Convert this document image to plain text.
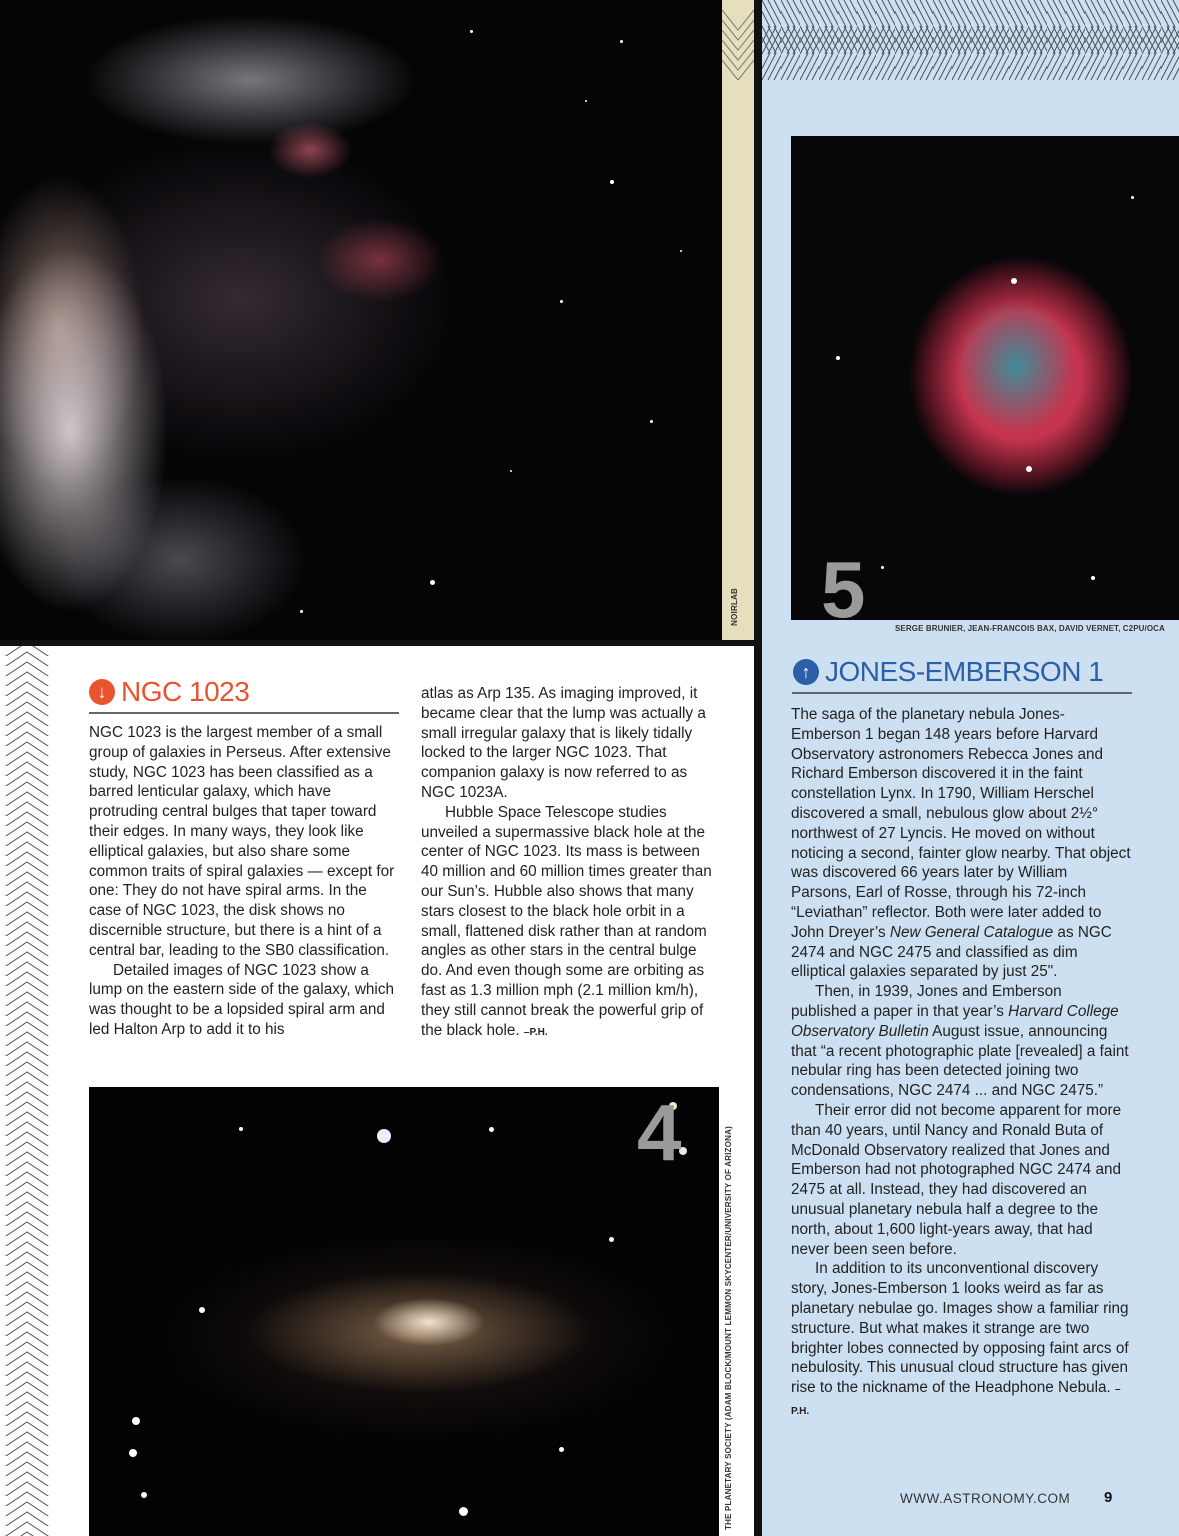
NOIRLAB 5	SERGE BRUNIER, JEAN-FRANCOIS BAX, DAVID VERNET, C2PU/OCA
↓ NGC 1023

NGC 1023 is the largest member of a small group of galaxies in Perseus. After extensive study, NGC 1023 has been classified as a barred lenticular galaxy, which have protruding central bulges that taper toward their edges. In many ways, they look like elliptical galaxies, but also share some common traits of spiral galaxies — except for one: They do not have spiral arms. In the case of NGC 1023, the disk shows no discernible structure, but there is a hint of a central bar, leading to the SB0 classification.

Detailed images of NGC 1023 show a lump on the eastern side of the galaxy, which was thought to be a lopsided spiral arm and led Halton Arp to add it to his

atlas as Arp 135. As imaging improved, it became clear that the lump was actually a small irregular galaxy that is likely tidally locked to the larger NGC 1023. That companion galaxy is now referred to as NGC 1023A.

Hubble Space Telescope studies unveiled a supermassive black hole at the center of NGC 1023. Its mass is between 40 million and 60 million times greater than our Sun’s. Hubble also shows that many stars closest to the black hole orbit in a small, flattened disk rather than at random angles as other stars in the central bulge do. And even though some are orbiting as fast as 1.3 million mph (2.1 million km/h), they still cannot break the powerful grip of the black hole. –P.H.

4	THE PLANETARY SOCIETY (ADAM BLOCK/MOUNT LEMMON SKYCENTER/UNIVERSITY OF ARIZONA)
↑ JONES-EMBERSON 1

The saga of the planetary nebula Jones-Emberson 1 began 148 years before Harvard Observatory astronomers Rebecca Jones and Richard Emberson discovered it in the faint constellation Lynx. In 1790, William Herschel discovered a small, nebulous glow about 2½° northwest of 27 Lyncis. He moved on without noticing a second, fainter glow nearby. That object was discovered 66 years later by William Parsons, Earl of Rosse, through his 72-inch “Leviathan” reflector. Both were later added to John Dreyer’s New General Catalogue as NGC 2474 and NGC 2475 and classified as dim elliptical galaxies separated by just 25".

Then, in 1939, Jones and Emberson published a paper in that year’s Harvard College Observatory Bulletin August issue, announcing that “a recent photographic plate [revealed] a faint nebular ring has been detected joining two condensations, NGC 2474 ... and NGC 2475.”

Their error did not become apparent for more than 40 years, until Nancy and Ronald Buta of McDonald Observatory realized that Jones and Emberson had not photographed NGC 2474 and 2475 at all. Instead, they had discovered an unusual planetary nebula half a degree to the north, about 1,600 light-years away, that had never been seen before.

In addition to its unconventional discovery story, Jones-Emberson 1 looks weird as far as planetary nebulae go. Images show a familiar ring structure. But what makes it strange are two brighter lobes connected by opposing faint arcs of nebulosity. This unusual cloud structure has given rise to the nickname of the Headphone Nebula. –P.H.

WWW.ASTRONOMY.COM 9
